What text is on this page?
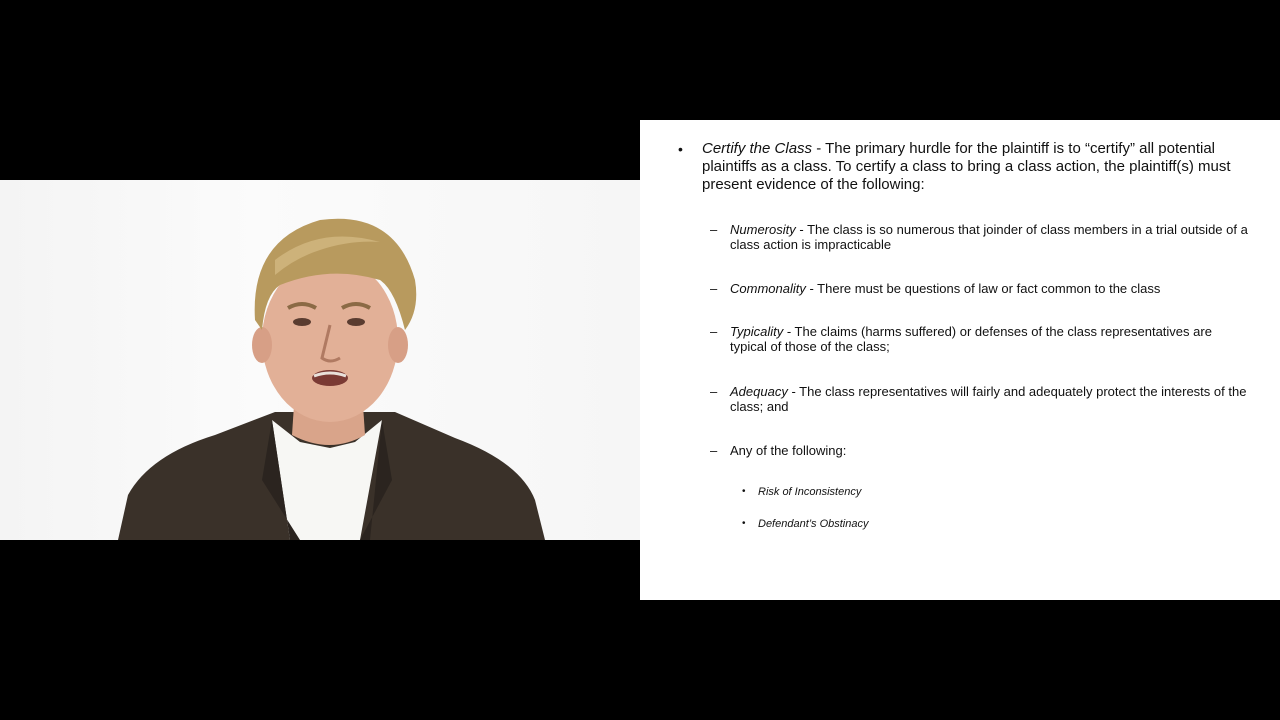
• Certify the Class - The primary hurdle for the plaintiff is to “certify” all potential plaintiffs as a class. To certify a class to bring a class action, the plaintiff(s) must present evidence of the following:
– Numerosity - The class is so numerous that joinder of class members in a trial outside of a class action is impracticable
– Commonality - There must be questions of law or fact common to the class
– Typicality - The claims (harms suffered) or defenses of the class representatives are typical of those of the class;
– Adequacy - The class representatives will fairly and adequately protect the interests of the class; and
– Any of the following:
• Risk of Inconsistency
• Defendant’s Obstinacy
